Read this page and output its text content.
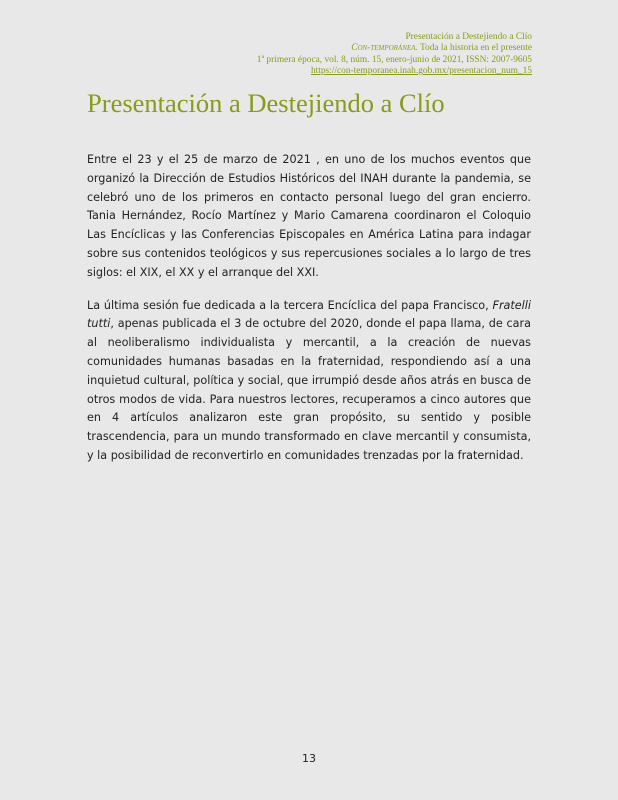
Presentación a Destejiendo a Clío
Con-temporánea. Toda la historia en el presente
1ª primera época, vol. 8, núm. 15, enero-junio de 2021, ISSN: 2007-9605
https://con-temporanea.inah.gob.mx/presentacion_num_15
Presentación a Destejiendo a Clío

Entre el 23 y el 25 de marzo de 2021 , en uno de los muchos eventos que organizó la Dirección de Estudios Históricos del INAH durante la pandemia, se celebró uno de los primeros en contacto personal luego del gran encierro. Tania Hernández, Rocío Martínez y Mario Camarena coordinaron el Coloquio Las Encíclicas y las Conferencias Episcopales en América Latina para indagar sobre sus contenidos teológicos y sus repercusiones sociales a lo largo de tres siglos: el XIX, el XX y el arranque del XXI.

La última sesión fue dedicada a la tercera Encíclica del papa Francisco, Fratelli tutti, apenas publicada el 3 de octubre del 2020, donde el papa llama, de cara al neoliberalismo individualista y mercantil, a la creación de nuevas comunidades humanas basadas en la fraternidad, respondiendo así a una inquietud cultural, política y social, que irrumpió desde años atrás en busca de otros modos de vida. Para nuestros lectores, recuperamos a cinco autores que en 4 artículos analizaron este gran propósito, su sentido y posible trascendencia, para un mundo transformado en clave mercantil y consumista, y la posibilidad de reconvertirlo en comunidades trenzadas por la fraternidad.

13
